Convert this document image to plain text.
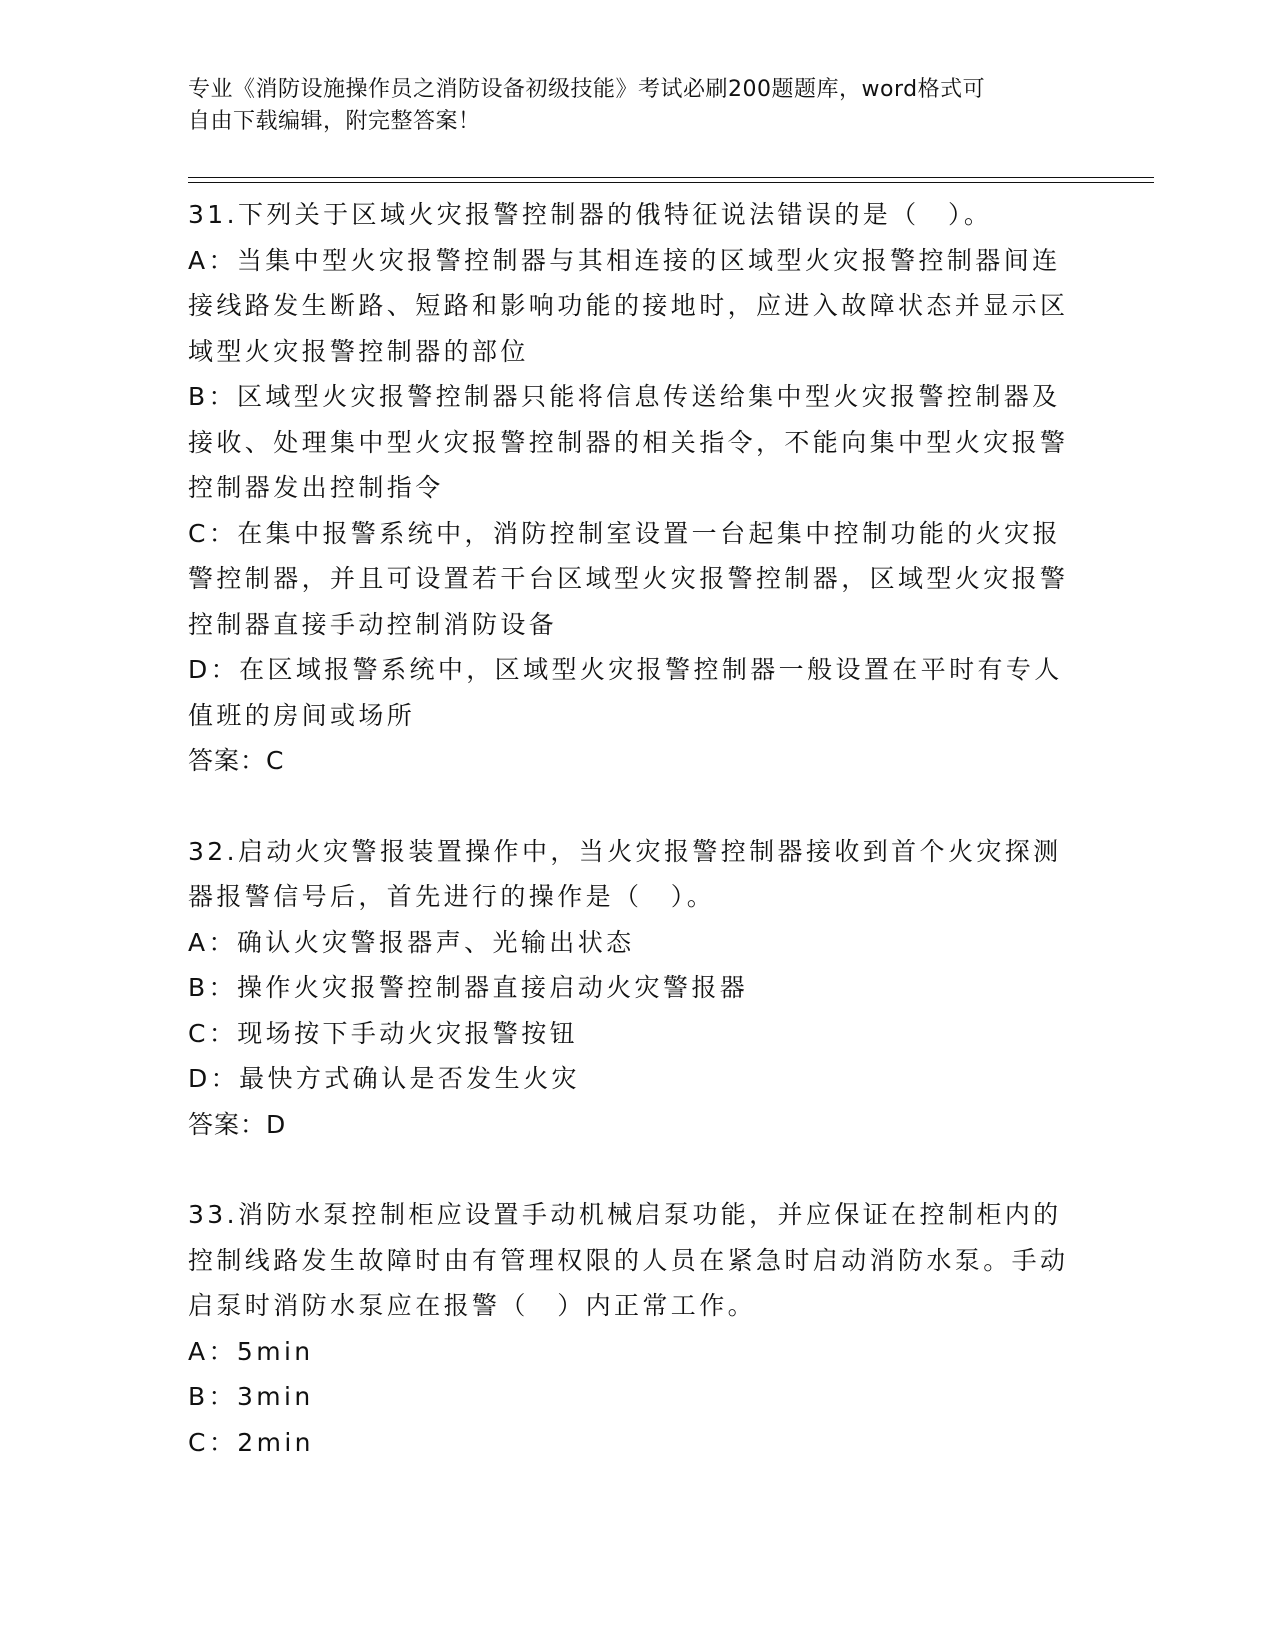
专业《消防设施操作员之消防设备初级技能》考试必刷200题题库，word格式可
自由下载编辑，附完整答案！

31.下列关于区域火灾报警控制器的俄特征说法错误的是（　）。

A：当集中型火灾报警控制器与其相连接的区域型火灾报警控制器间连接线路发生断路、短路和影响功能的接地时，应进入故障状态并显示区域型火灾报警控制器的部位

B：区域型火灾报警控制器只能将信息传送给集中型火灾报警控制器及接收、处理集中型火灾报警控制器的相关指令，不能向集中型火灾报警控制器发出控制指令

C：在集中报警系统中，消防控制室设置一台起集中控制功能的火灾报警控制器，并且可设置若干台区域型火灾报警控制器，区域型火灾报警控制器直接手动控制消防设备

D：在区域报警系统中，区域型火灾报警控制器一般设置在平时有专人值班的房间或场所

答案：C

32.启动火灾警报装置操作中，当火灾报警控制器接收到首个火灾探测器报警信号后，首先进行的操作是（　）。

A：确认火灾警报器声、光输出状态

B：操作火灾报警控制器直接启动火灾警报器

C：现场按下手动火灾报警按钮

D：最快方式确认是否发生火灾

答案：D

33.消防水泵控制柜应设置手动机械启泵功能，并应保证在控制柜内的控制线路发生故障时由有管理权限的人员在紧急时启动消防水泵。手动启泵时消防水泵应在报警（　）内正常工作。

A：5min

B：3min

C：2min
